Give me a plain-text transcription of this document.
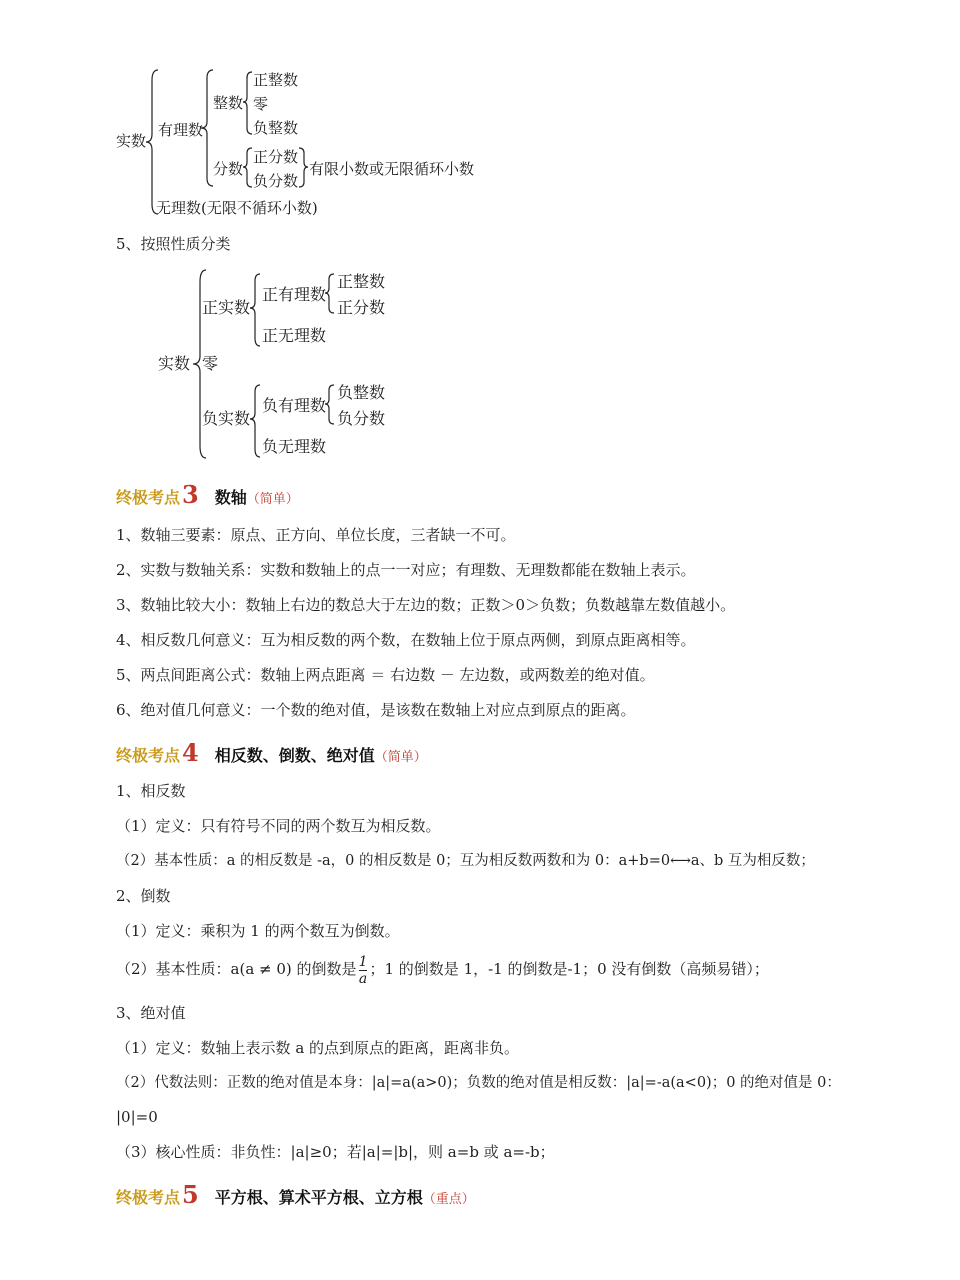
实数
有理数
整数
正整数
零
负整数
分数
正分数
负分数
有限小数或无限循环小数
无理数(无限不循环小数)
5、按照性质分类
实数
正实数
正有理数
正整数
正分数
正无理数
零
负实数
负有理数
负整数
负分数
负无理数
终极考点3 数轴（简单）
1、数轴三要素：原点、正方向、单位长度，三者缺一不可。
2、实数与数轴关系：实数和数轴上的点一一对应；有理数、无理数都能在数轴上表示。
3、数轴比较大小：数轴上右边的数总大于左边的数；正数＞0＞负数；负数越靠左数值越小。
4、相反数几何意义：互为相反数的两个数，在数轴上位于原点两侧，到原点距离相等。
5、两点间距离公式：数轴上两点距离 ＝ 右边数 － 左边数，或两数差的绝对值。
6、绝对值几何意义：一个数的绝对值，是该数在数轴上对应点到原点的距离。
终极考点4 相反数、倒数、绝对值（简单）
1、相反数
（1）定义：只有符号不同的两个数互为相反数。
（2）基本性质：a 的相反数是 -a，0 的相反数是 0；互为相反数两数和为 0：a+b=0⟷a、b 互为相反数；
2、倒数
（1）定义：乘积为 1 的两个数互为倒数。
（2）基本性质：a(a ≠ 0) 的倒数是 $\frac{1}{a}$ ；1 的倒数是 1，-1 的倒数是-1；0 没有倒数（高频易错）；
3、绝对值
（1）定义：数轴上表示数 a 的点到原点的距离，距离非负。
（2）代数法则：正数的绝对值是本身：|a|=a(a>0)；负数的绝对值是相反数：|a|=-a(a<0)；0 的绝对值是 0：
|0|=0
（3）核心性质：非负性：|a|≥0；若|a|=|b|，则 a=b 或 a=-b；
终极考点5 平方根、算术平方根、立方根（重点）
